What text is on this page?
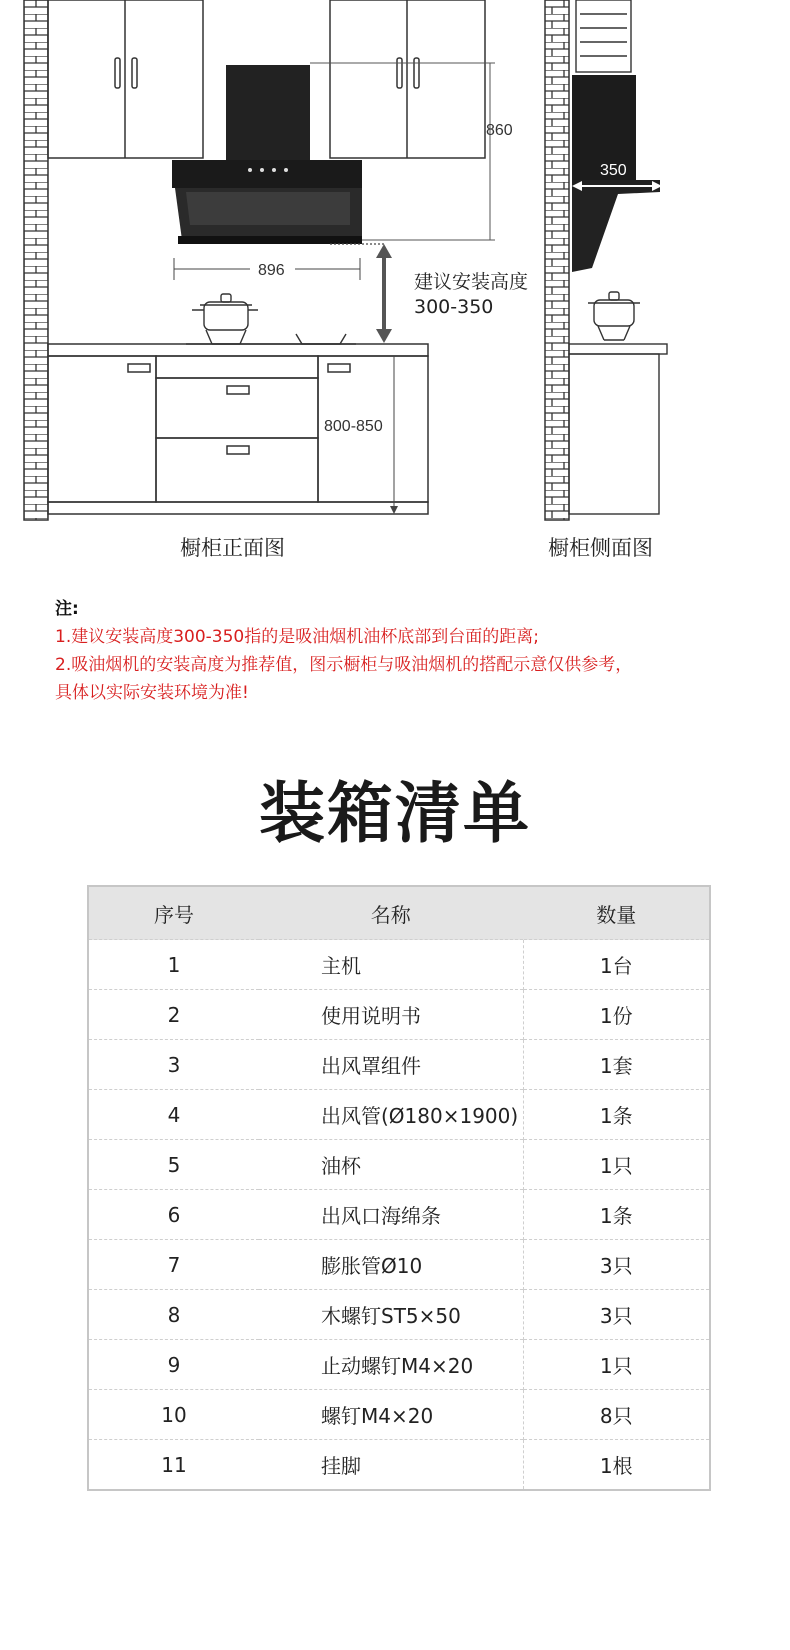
860
896
建议安装高度 300-350
800-850
橱柜正面图
350
橱柜侧面图
注:
1.建议安装高度300-350指的是吸油烟机油杯底部到台面的距离;
2.吸油烟机的安装高度为推荐值，图示橱柜与吸油烟机的搭配示意仅供参考，
具体以实际安装环境为准!
装箱清单
序号	名称	数量
1	主机	1台
2	使用说明书	1份
3	出风罩组件	1套
4	出风管(Ø180×1900)	1条
5	油杯	1只
6	出风口海绵条	1条
7	膨胀管Ø10	3只
8	木螺钉ST5×50	3只
9	止动螺钉M4×20	1只
10	螺钉M4×20	8只
11	挂脚	1根
